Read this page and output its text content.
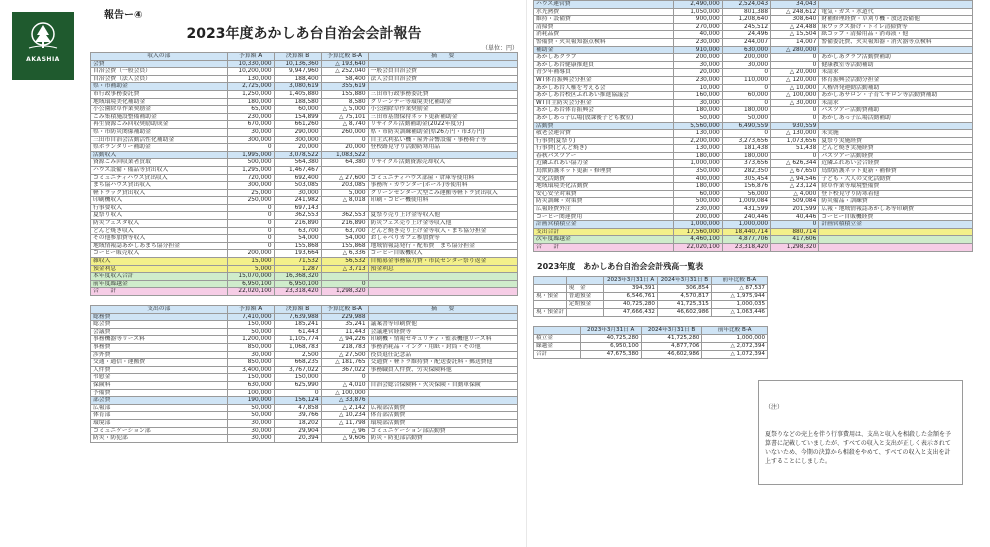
AKASHIA
報告ー④
2023年度あかしあ台自治会会計報告
（単位：円）
収入の部	予算額 A	決算額 B	予算比較 B-A	摘　　要
会費	10,330,000	10,136,360	△ 193,640	
自治会費（一般会員）	10,200,000	9,947,960	△ 252,040	一般会員自治会費
自治会費（法人会員）	130,000	188,400	58,400	法人会員自治会費
県・市補助金	2,725,000	3,080,619	355,619	
市行政事務委託費	1,250,000	1,405,880	155,880	三田市行政事務委託費
地域環境美化補助金	180,000	188,580	8,580	クリーンデー等環境美化補助金
小公園除草作業奨励金	65,000	60,000	△ 5,000	小公園除草作業奨励金
ごみ集積施設整備補助金	230,000	154,899	△ 75,101	三田市基盤保持ネット更新補助金
再生資源ごみ回収奨励助成金	670,000	661,260	△ 8,740	リサイクル活動補助金(2022年度分)
県・市防災関係補助金	30,000	290,000	260,000	県・市防災訓練補助金(県26万円・市3万円)
三田市自治会活動活性化補助金	300,000	300,000	0	自主式利払い機・屋外音響設備・事務椅子等
県ボランタリー補助金	0	20,000	20,000	登校路見守り活動防寒用品
活動収入	1,995,000	3,078,522	1,083,522	
資源ごみ回収業者買取	500,000	564,380	64,380	リサイクル活動資源売却収入
ハウス設備・備品等貸出収入	1,295,000	1,467,467		
コミュニティハウス貸出収入	720,000	692,400	△ 27,600	コミュニティハウス部屋・倉庫等使用料
まち協ハウス貸出収入	300,000	503,085	203,085	事務所・カウンター(ホール)等使用料
軽トラック貸出収入	25,000	30,000	5,000	クリーンセンター大型ごみ運搬等軽トラ貸出収入
印刷機収入	250,000	241,982	△ 8,018	印刷・コピー機使用料
行事要収入	0	697,143		
夏祭り収入	0	362,553	362,553	夏祭り売り上げ金等収入他
防災フェスタ収入	0	216,890	216,890	防災フェス売り上げ金等収入他
どんど焼き収入	0	63,700	63,700	どんど焼き売り上げ金等収入・まち協分担金
その他参加費等収入	0	54,000	54,000	おしゃべりカフェ参加費等
地域情報誌あかしあまち協分担金	0	155,868	155,868	地域情報誌発行・配布費　まち協分担金
コーヒー販売収入	200,000	193,664	△ 6,336	コーヒー自販機収入
雑収入	15,000	71,532	56,532	自衛募金事務協力費・市民センター祭り返金
預金利息	5,000	1,287	△ 3,713	預金利息
本年度収入合計	15,070,000	16,368,320		
前年度繰越金	6,950,100	6,950,100	0	
合　　計	22,020,100	23,318,420	1,298,320	
支出の部	予算額 A	決算額 B	予算比較 B-A	摘　　要
総務費	7,410,000	7,639,988	229,988	
総会費	150,000	185,241	35,241	議案書等印刷費他
会議費	50,000	61,443	11,443	会議運営経費等
事務機器等リース料	1,200,000	1,105,774	△ 94,226	印刷機・情報セキュリティ・監表機他リース料
事務費	850,000	1,068,783	218,783	事務消耗品・インク・用紙・封筒・その他
涉外費	30,000	2,500	△ 27,500	役員退任記念品
交通・通信・運搬費	850,000	668,235	△ 181,765	交通費・軽トラ維持費・配送委託料・郵送費他
人件費	3,400,000	3,767,022	367,022	事務職員人件費、労災保険料他
弔慰金	150,000	150,000	0	
保険料	630,000	625,990	△ 4,010	自治会総合保険料・火災保険・自動車保険
予備費	100,000	0	△ 100,000	
部会費	190,000	156,124	△ 33,876	
広報部	50,000	47,858	△ 2,142	広報部活動費
体育部	50,000	39,766	△ 10,234	体育部活動費
環境部	30,000	18,202	△ 11,798	環境部活動費
コミュニケーション部	30,000	29,904	△ 96	コミュニケーション部活動費
防災・防犯部	30,000	20,394	△ 9,606	防災・防犯部活動費
ハウス運営費	2,490,000	2,524,043	34,043	
水光熱費	1,050,000	801,388	△ 248,612	電気・ガス・水道代
維持・設備費	900,000	1,208,640	308,640	財補修理経費・草刈り機・放送設備他
清掃費	270,000	245,512	△ 24,488	床ワックス掛け・トイレ清掃費等
消耗品費	40,000	24,496	△ 15,504	紙コップ・清掃用品・消毒液・他
警備費・火災報知器点検料	230,000	244,007	14,007	警備委託費、火災報知器・消火器等点検料
補助金	910,000	630,000	△ 280,000	
あかしあクラブ	200,000	200,000	0	あかしあクラブ活動費補助
あかしあ台健康推進員	30,000	30,000	0	健康教室等活動補助
青少年補導員	20,000	0	△ 20,000	未請求
WT体育振興会分担金	230,000	110,000	△ 120,000	体育振興会活動分担金
あかしあ台人権を考える会	10,000	0	△ 10,000	人権啓発運動活動補助
あかしあ台校区ふれあい推進協議会	160,000	60,000	△ 100,000	あかしあサロン・子育てサロン等活動費補助
WT自主防災会分担金	30,000	0	△ 30,000	未請求
あかしあ台体育振興会	180,000	180,000	0	パスツアー活動費補助
あかしあっ子広場(放課後子ども教室)	50,000	50,000	0	あかしあっ子広場活動補助
活動費	5,560,000	6,490,559	930,559	
敬老会運営費	130,000	0	△ 130,000	未実施
行事費(夏祭り)	2,200,000	3,273,656	1,073,656	夏祭り実施経費
行事費(どんど焼き)	130,000	181,438	51,438	どんど焼き実施経費
春秋バスツアー	180,000	180,000	0	バスツアー活動経費
近隣ふれあい協力金	1,000,000	373,656	△ 626,344	近隣ふれあい会合経費
鳥獣防護ネット更新・修理費	350,000	282,350	△ 67,650	鳥獣防護ネット更新・補修費
文化活動費	400,000	305,454	△ 94,546	子ども・大人の文化活動費
地域環境美化活動費	180,000	156,876	△ 23,124	除草作業等環境整備費
安心安全対策費	60,000	56,000	△ 4,000	登下校見守り防寒着他
防災訓練・対策費	500,000	1,009,084	509,084	防災備品・訓練費
広報経費外注	230,000	431,599	201,599	広報・地域情報誌あかしあ等印刷費
コーヒー関連費用	200,000	240,446	40,446	コーヒー自販機経費
計画営積積立金	1,000,000	1,000,000	0	計画営積積立金
支出合計	17,560,000	18,440,714	880,714	
次年度繰越金	4,460,100	4,877,706	417,606	
合　　計	22,020,100	23,318,420	1,298,320	
2023年度　あかしあ台自治会会計残高一覧表
		2023年3月31日 A	2024年3月31日 B	前年比較 B-A
	現　金	394,391	306,854	△ 87,537
現・預金	普通預金	6,546,761	4,570,817	△ 1,975,944
	定期預金	40,725,280	41,725,315	1,000,035
現・預金計		47,666,432	46,602,986	△ 1,063,446
	2023年3月31日 A	2024年3月31日 B	前年比較 B-A
積立金	40,725,280	41,725,280	1,000,000
繰越金	6,950,100	4,877,706	△ 2,072,394
合計	47,675,380	46,602,986	△ 1,072,394

（注）

夏祭りなどの売上を伴う行事費用は、支出と収入を相殺した金額を予算書に記載していましたが、すべての収入と支出が正しく表示されていないため、今期の決算から相殺をやめて、すべての収入と支出を計上することにしました。
